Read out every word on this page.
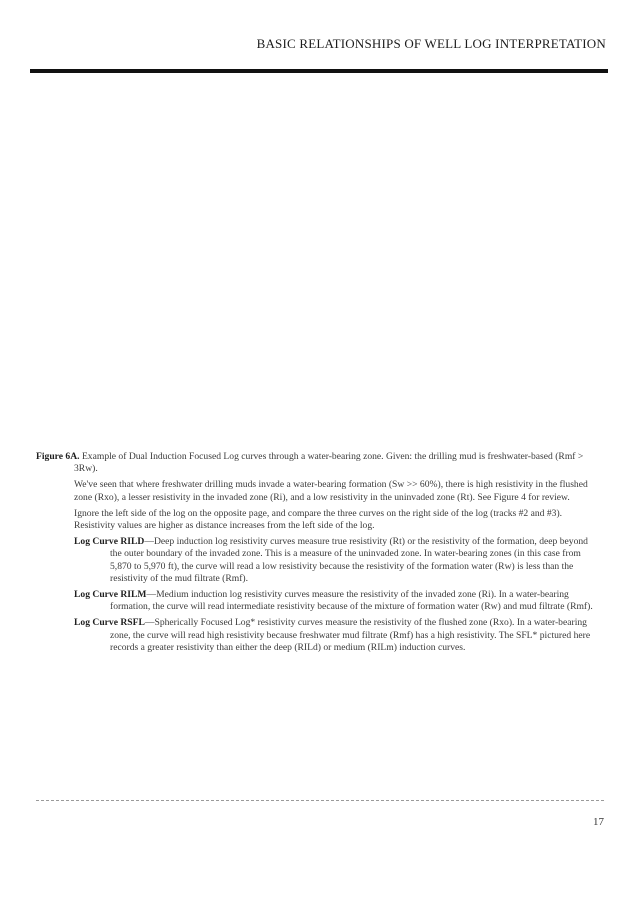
BASIC RELATIONSHIPS OF WELL LOG INTERPRETATION

Figure 6A. Example of Dual Induction Focused Log curves through a water-bearing zone. Given: the drilling mud is freshwater-based (Rmf > 3Rw).

We've seen that where freshwater drilling muds invade a water-bearing formation (Sw >> 60%), there is high resistivity in the flushed zone (Rxo), a lesser resistivity in the invaded zone (Ri), and a low resistivity in the uninvaded zone (Rt). See Figure 4 for review.

Ignore the left side of the log on the opposite page, and compare the three curves on the right side of the log (tracks #2 and #3). Resistivity values are higher as distance increases from the left side of the log.

Log Curve RILD—Deep induction log resistivity curves measure true resistivity (Rt) or the resistivity of the formation, deep beyond the outer boundary of the invaded zone. This is a measure of the uninvaded zone. In water-bearing zones (in this case from 5,870 to 5,970 ft), the curve will read a low resistivity because the resistivity of the formation water (Rw) is less than the resistivity of the mud filtrate (Rmf).

Log Curve RILM—Medium induction log resistivity curves measure the resistivity of the invaded zone (Ri). In a water-bearing formation, the curve will read intermediate resistivity because of the mixture of formation water (Rw) and mud filtrate (Rmf).

Log Curve RSFL—Spherically Focused Log* resistivity curves measure the resistivity of the flushed zone (Rxo). In a water-bearing zone, the curve will read high resistivity because freshwater mud filtrate (Rmf) has a high resistivity. The SFL* pictured here records a greater resistivity than either the deep (RILd) or medium (RILm) induction curves.

17
